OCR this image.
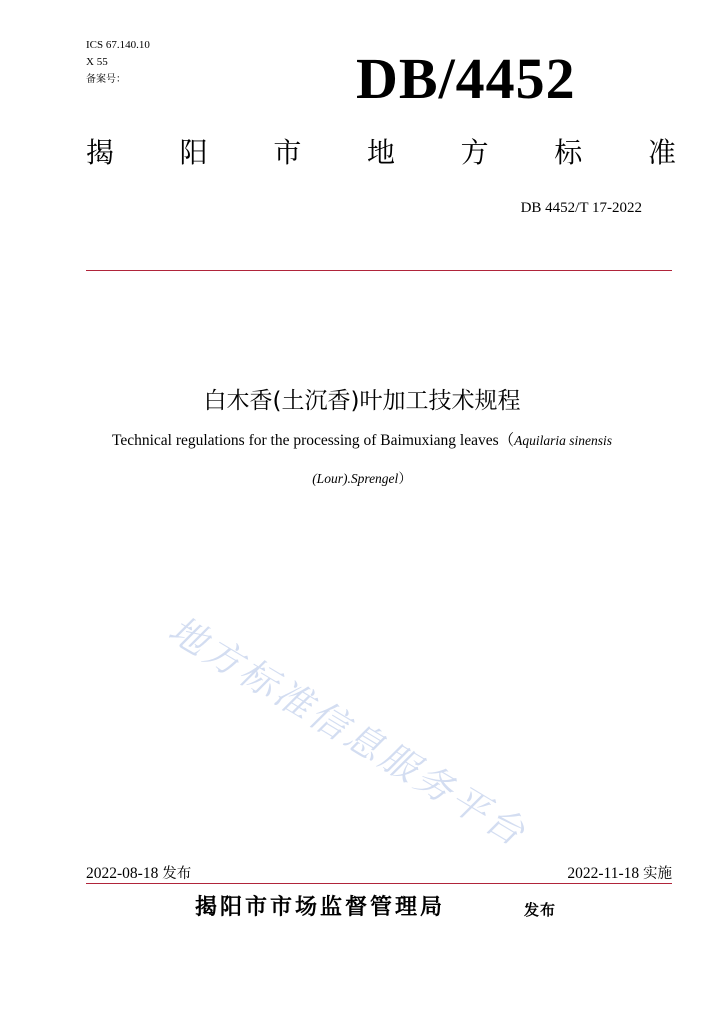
ICS 67.140.10
X 55
备案号：	DB/4452
揭 阳 市 地 方 标 准
DB 4452/T 17-2022
白木香(土沉香)叶加工技术规程
Technical regulations for the processing of Baimuxiang leaves（Aquilaria sinensis
(Lour).Sprengel）
地方标准信息服务平台
2022-08-18 发布	2022-11-18 实施
揭阳市市场监督管理局	发布
